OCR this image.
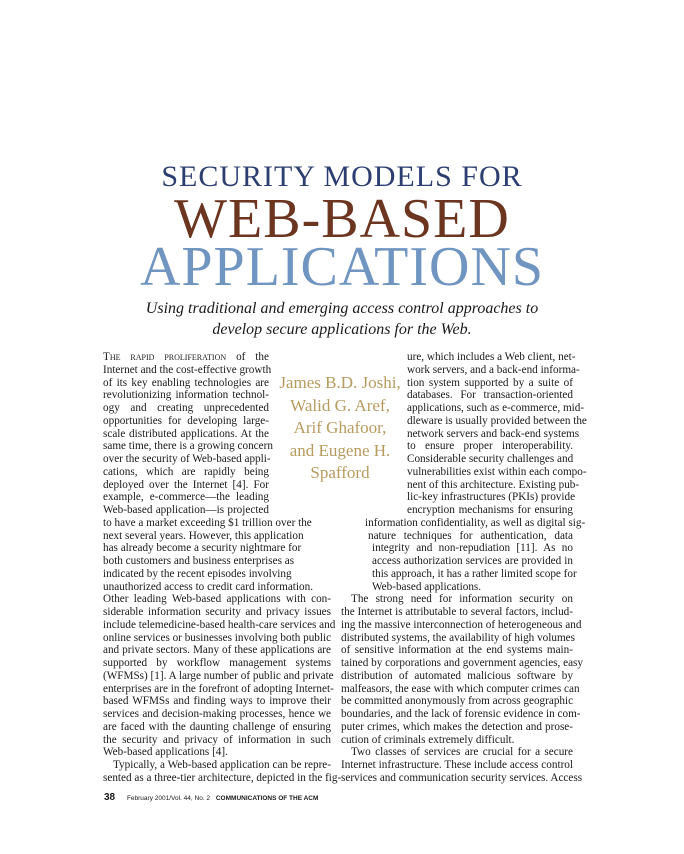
SECURITY MODELS FOR
WEB-BASED
APPLICATIONS
Using traditional and emerging access control approaches to
develop secure applications for the Web.
James B.D. Joshi,
Walid G. Aref,
Arif Ghafoor,
and Eugene H.
Spafford
The rapid proliferation of the
Internet and the cost-effective growth
of its key enabling technologies are
revolutionizing information technol-
ogy and creating unprecedented
opportunities for developing large-
scale distributed applications. At the
same time, there is a growing concern
over the security of Web-based appli-
cations, which are rapidly being
deployed over the Internet [4]. For
example, e-commerce—the leading
Web-based application—is projected
to have a market exceeding $1 trillion over the
next several years. However, this application
has already become a security nightmare for
both customers and business enterprises as
indicated by the recent episodes involving
unauthorized access to credit card information.
Other leading Web-based applications with con-
siderable information security and privacy issues
include telemedicine-based health-care services and
online services or businesses involving both public
and private sectors. Many of these applications are
supported by workflow management systems
(WFMSs) [1]. A large number of public and private
enterprises are in the forefront of adopting Internet-
based WFMSs and finding ways to improve their
services and decision-making processes, hence we
are faced with the daunting challenge of ensuring
the security and privacy of information in such
Web-based applications [4].
Typically, a Web-based application can be repre-
sented as a three-tier architecture, depicted in the fig-
ure, which includes a Web client, net-
work servers, and a back-end informa-
tion system supported by a suite of
databases. For transaction-oriented
applications, such as e-commerce, mid-
dleware is usually provided between the
network servers and back-end systems
to ensure proper interoperability.
Considerable security challenges and
vulnerabilities exist within each compo-
nent of this architecture. Existing pub-
lic-key infrastructures (PKIs) provide
encryption mechanisms for ensuring
information confidentiality, as well as digital sig-
nature techniques for authentication, data
integrity and non-repudiation [11]. As no
access authorization services are provided in
this approach, it has a rather limited scope for
Web-based applications.
The strong need for information security on
the Internet is attributable to several factors, includ-
ing the massive interconnection of heterogeneous and
distributed systems, the availability of high volumes
of sensitive information at the end systems main-
tained by corporations and government agencies, easy
distribution of automated malicious software by
malfeasors, the ease with which computer crimes can
be committed anonymously from across geographic
boundaries, and the lack of forensic evidence in com-
puter crimes, which makes the detection and prose-
cution of criminals extremely difficult.
Two classes of services are crucial for a secure
Internet infrastructure. These include access control
services and communication security services. Access
38 February 2001/Vol. 44, No. 2 COMMUNICATIONS OF THE ACM
